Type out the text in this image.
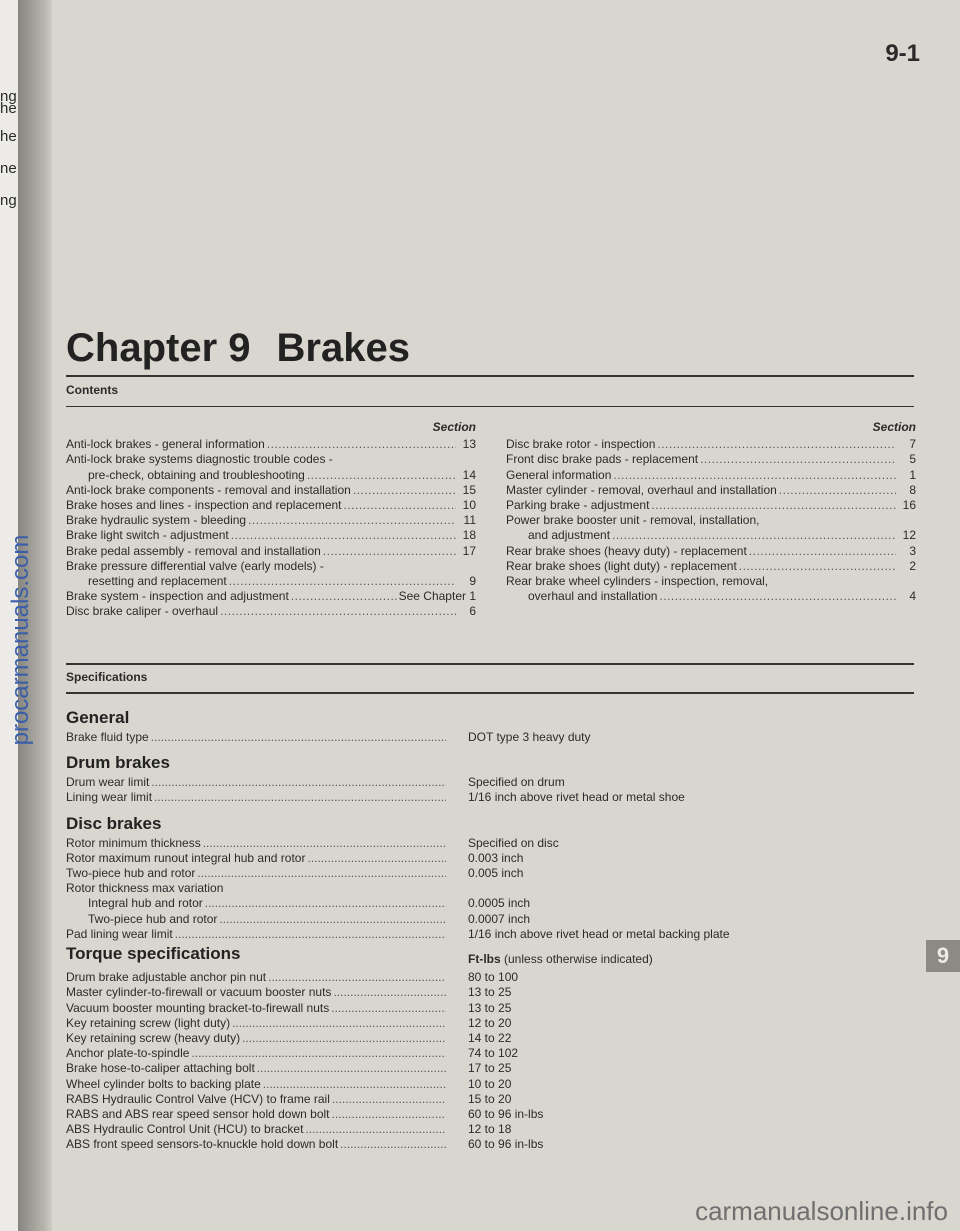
ng
he
he
ne
ng
procarmanuals.com
9-1
Chapter 9 Brakes
Contents
Section
Anti-lock brakes - general information .....	13
Anti-lock brake systems diagnostic trouble codes -
pre-check, obtaining and troubleshooting .....	14
Anti-lock brake components - removal and installation .....	15
Brake hoses and lines - inspection and replacement .....	10
Brake hydraulic system - bleeding .....	11
Brake light switch - adjustment .....	18
Brake pedal assembly - removal and installation .....	17
Brake pressure differential valve (early models) -
resetting and replacement .....	9
Brake system - inspection and adjustment .....	See Chapter 1
Disc brake caliper - overhaul .....	6
Section
Disc brake rotor - inspection .....	7
Front disc brake pads - replacement .....	5
General information .....	1
Master cylinder - removal, overhaul and installation .....	8
Parking brake - adjustment .....	16
Power brake booster unit - removal, installation,
and adjustment .....	12
Rear brake shoes (heavy duty) - replacement .....	3
Rear brake shoes (light duty) - replacement .....	2
Rear brake wheel cylinders - inspection, removal,
overhaul and installation .....	4
Specifications
General
Brake fluid type .....	DOT type 3 heavy duty
Drum brakes
Drum wear limit .....	Specified on drum
Lining wear limit .....	1/16 inch above rivet head or metal shoe
Disc brakes
Rotor minimum thickness .....	Specified on disc
Rotor maximum runout integral hub and rotor .....	0.003 inch
Two-piece hub and rotor .....	0.005 inch
Rotor thickness max variation
Integral hub and rotor .....	0.0005 inch
Two-piece hub and rotor .....	0.0007 inch
Pad lining wear limit .....	1/16 inch above rivet head or metal backing plate
Torque specifications	Ft-lbs (unless otherwise indicated)
Drum brake adjustable anchor pin nut .....	80 to 100
Master cylinder-to-firewall or vacuum booster nuts .....	13 to 25
Vacuum booster mounting bracket-to-firewall nuts .....	13 to 25
Key retaining screw (light duty) .....	12 to 20
Key retaining screw (heavy duty) .....	14 to 22
Anchor plate-to-spindle .....	74 to 102
Brake hose-to-caliper attaching bolt .....	17 to 25
Wheel cylinder bolts to backing plate .....	10 to 20
RABS Hydraulic Control Valve (HCV) to frame rail .....	15 to 20
RABS and ABS rear speed sensor hold down bolt .....	60 to 96 in-lbs
ABS Hydraulic Control Unit (HCU) to bracket .....	12 to 18
ABS front speed sensors-to-knuckle hold down bolt .....	60 to 96 in-lbs
9
carmanualsonline.info
